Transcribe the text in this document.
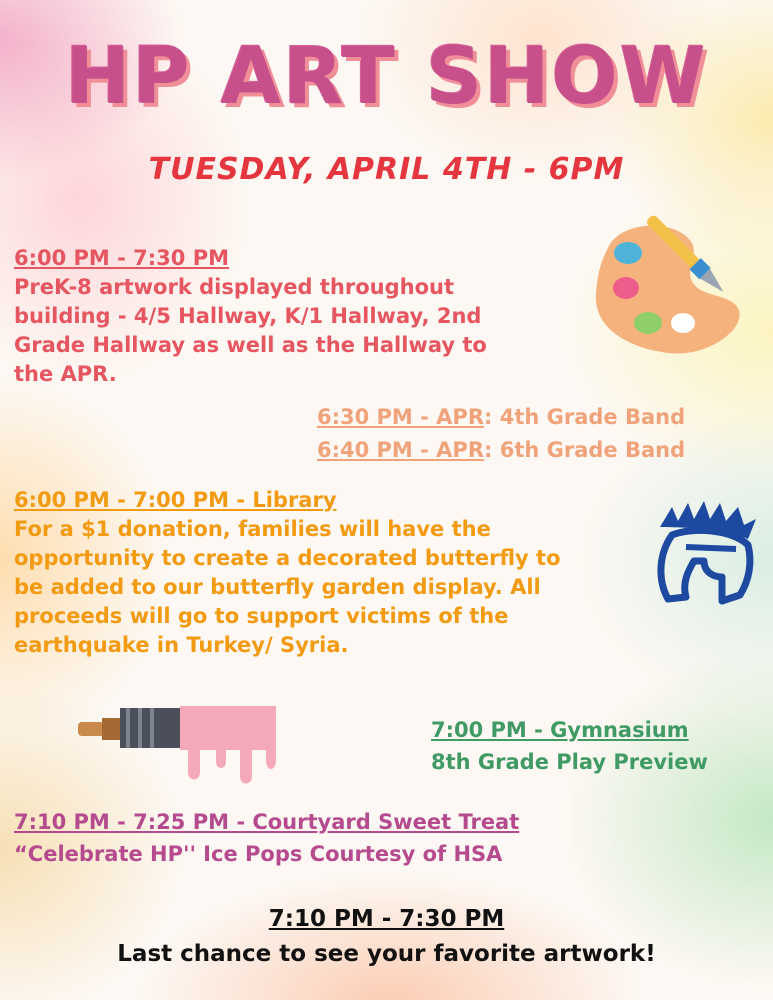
HP ART SHOW
TUESDAY, APRIL 4TH - 6PM
6:00 PM - 7:30 PM
PreK-8 artwork displayed throughout
building - 4/5 Hallway, K/1 Hallway, 2nd
Grade Hallway as well as the Hallway to
the APR.
6:30 PM - APR: 4th Grade Band
6:40 PM - APR: 6th Grade Band
6:00 PM - 7:00 PM - Library
For a $1 donation, families will have the
opportunity to create a decorated butterfly to
be added to our butterfly garden display. All
proceeds will go to support victims of the
earthquake in Turkey/ Syria.
7:00 PM - Gymnasium
8th Grade Play Preview
7:10 PM - 7:25 PM - Courtyard Sweet Treat
“Celebrate HP'' Ice Pops Courtesy of HSA
7:10 PM - 7:30 PM
Last chance to see your favorite artwork!
